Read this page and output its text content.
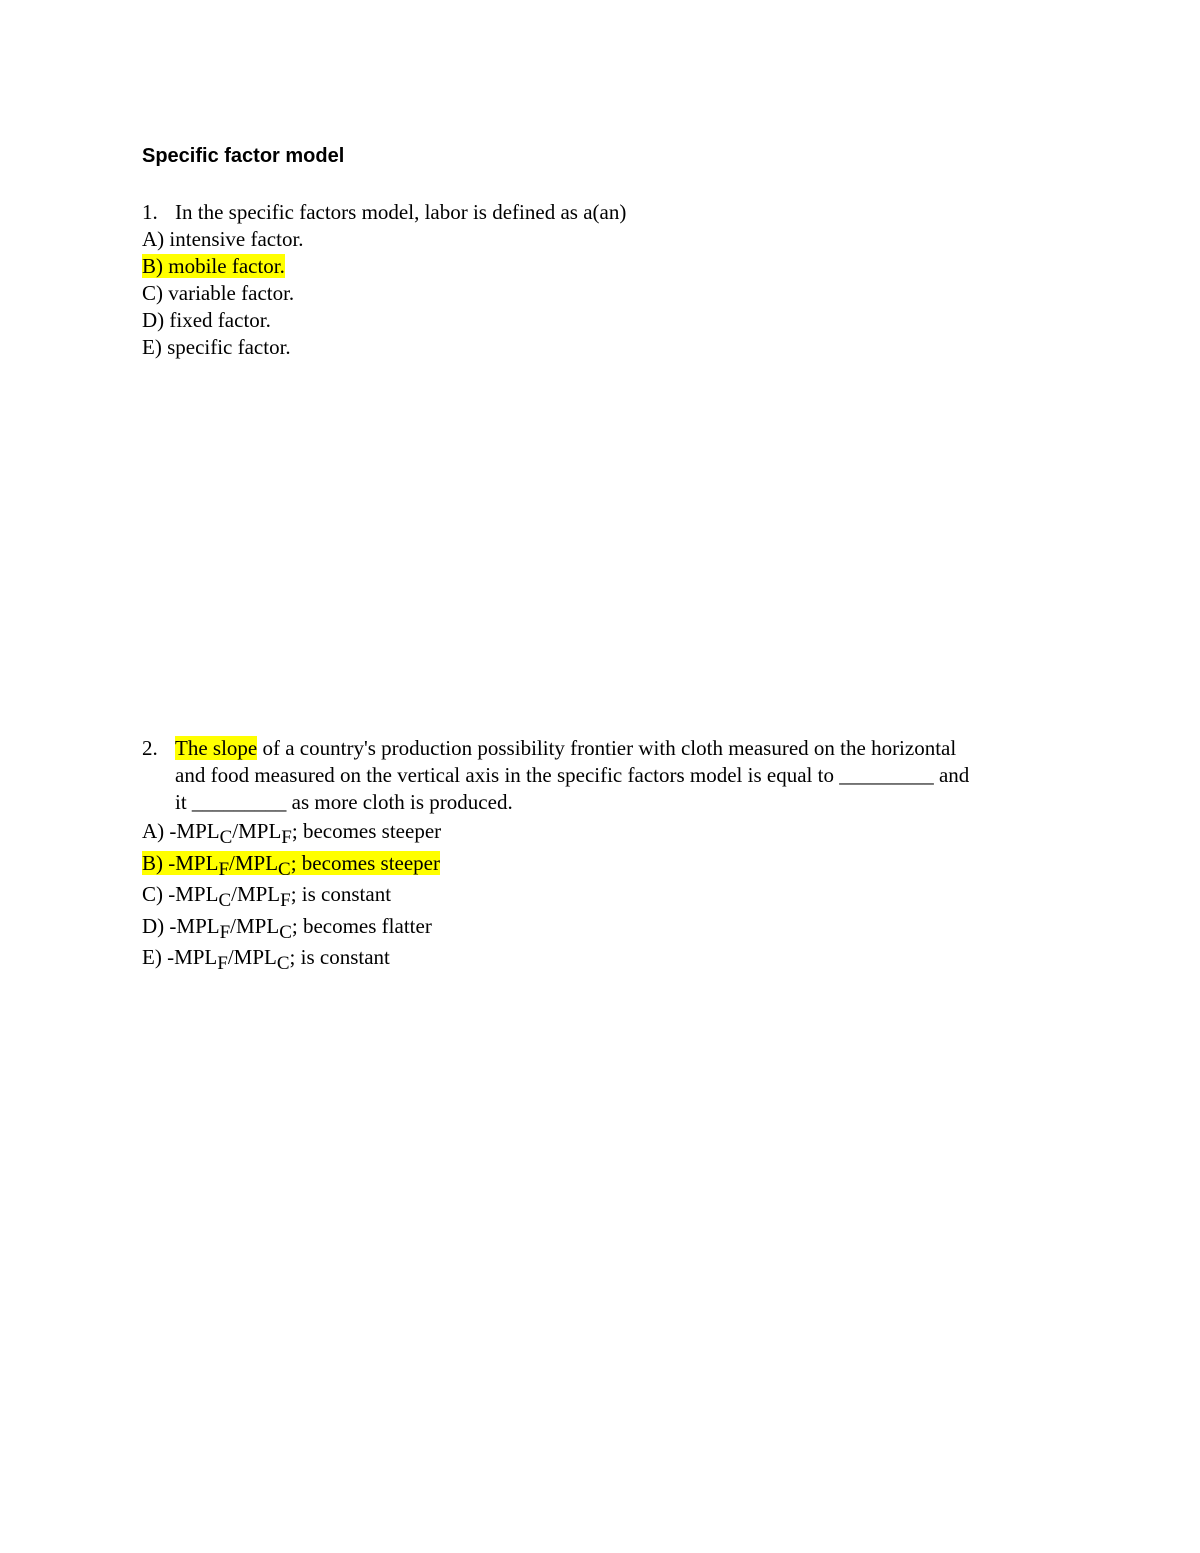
Specific factor model
1. In the specific factors model, labor is defined as a(an)
A) intensive factor.
B) mobile factor.
C) variable factor.
D) fixed factor.
E) specific factor.
2. The slope of a country's production possibility frontier with cloth measured on the horizontal
and food measured on the vertical axis in the specific factors model is equal to _________ and
it _________ as more cloth is produced.
A) $-MPL_C/MPL_F$; becomes steeper
B) $-MPL_F/MPL_C$; becomes steeper
C) $-MPL_C/MPL_F$; is constant
D) $-MPL_F/MPL_C$; becomes flatter
E) $-MPL_F/MPL_C$; is constant
